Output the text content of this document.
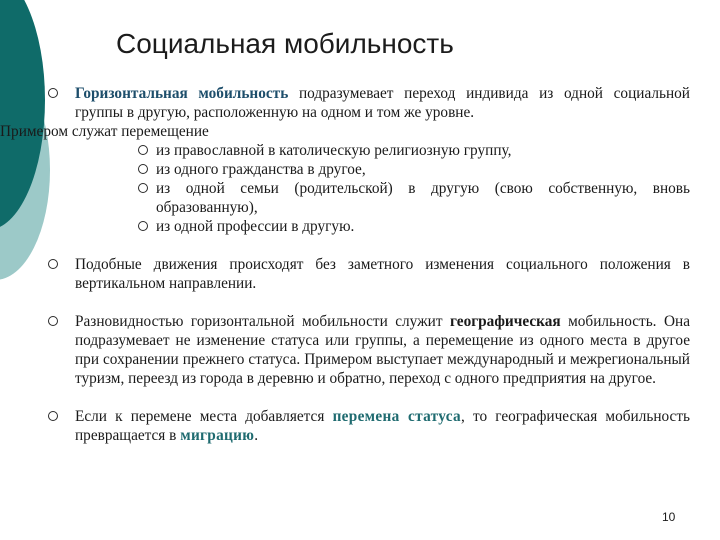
Социальная мобильность
Горизонтальная мобильность подразумевает переход индивида из одной социальной группы в другую, расположенную на одном и том же уровне.
Примером служат перемещение
из православной в католическую религиозную группу,
из одного гражданства в другое,
из одной семьи (родительской) в другую (свою собственную, вновь образованную),
из одной профессии в другую.
Подобные движения происходят без заметного изменения социального положения в вертикальном направлении.
Разновидностью горизонтальной мобильности служит географическая мобильность. Она подразумевает не изменение статуса или группы, а перемещение из одного места в другое при сохранении прежнего статуса. Примером выступает международный и межрегиональный туризм, переезд из города в деревню и обратно, переход с одного предприятия на другое.
Если к перемене места добавляется перемена статуса, то географическая мобильность превращается в миграцию.
10
